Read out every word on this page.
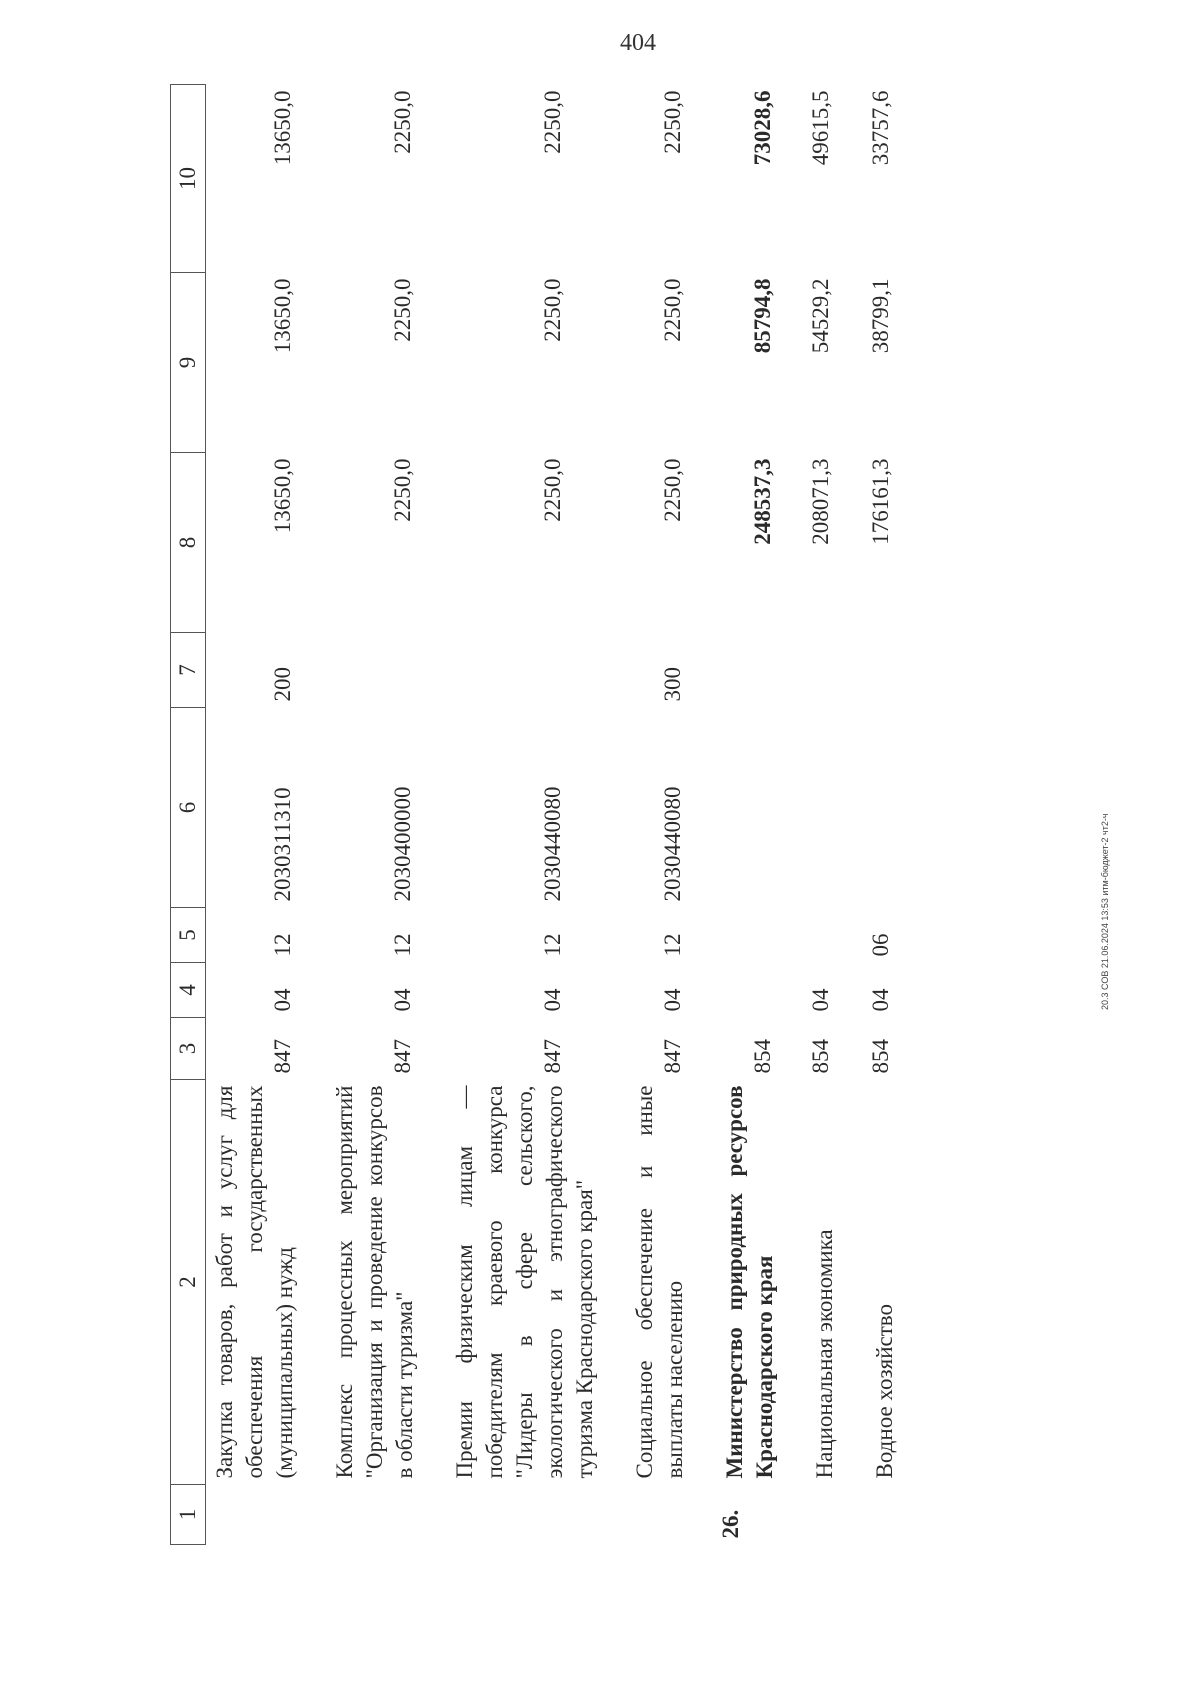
404
20.3 СОВ 21.06.2024 13:53 итм-бюджет-2 чт2-ч
1	2	3	4	5	6	7	8	9	10
	Закупка товаров, работ и услуг для обеспечения государственных (муниципальных) нужд	847	04	12	2030311310	200	13650,0	13650,0	13650,0
	Комплекс процессных мероприятий "Организация и проведение конкурсов в области туризма"	847	04	12	2030400000		2250,0	2250,0	2250,0
	Премии физическим лицам — победителям краевого конкурса "Лидеры в сфере сельского, экологического и этнографического туризма Краснодарского края"	847	04	12	2030440080		2250,0	2250,0	2250,0
	Социальное обеспечение и иные выплаты населению	847	04	12	2030440080	300	2250,0	2250,0	2250,0
26.	Министерство природных ресурсов Краснодарского края	854					248537,3	85794,8	73028,6
	Национальная экономика	854	04				208071,3	54529,2	49615,5
	Водное хозяйство	854	04	06			176161,3	38799,1	33757,6
